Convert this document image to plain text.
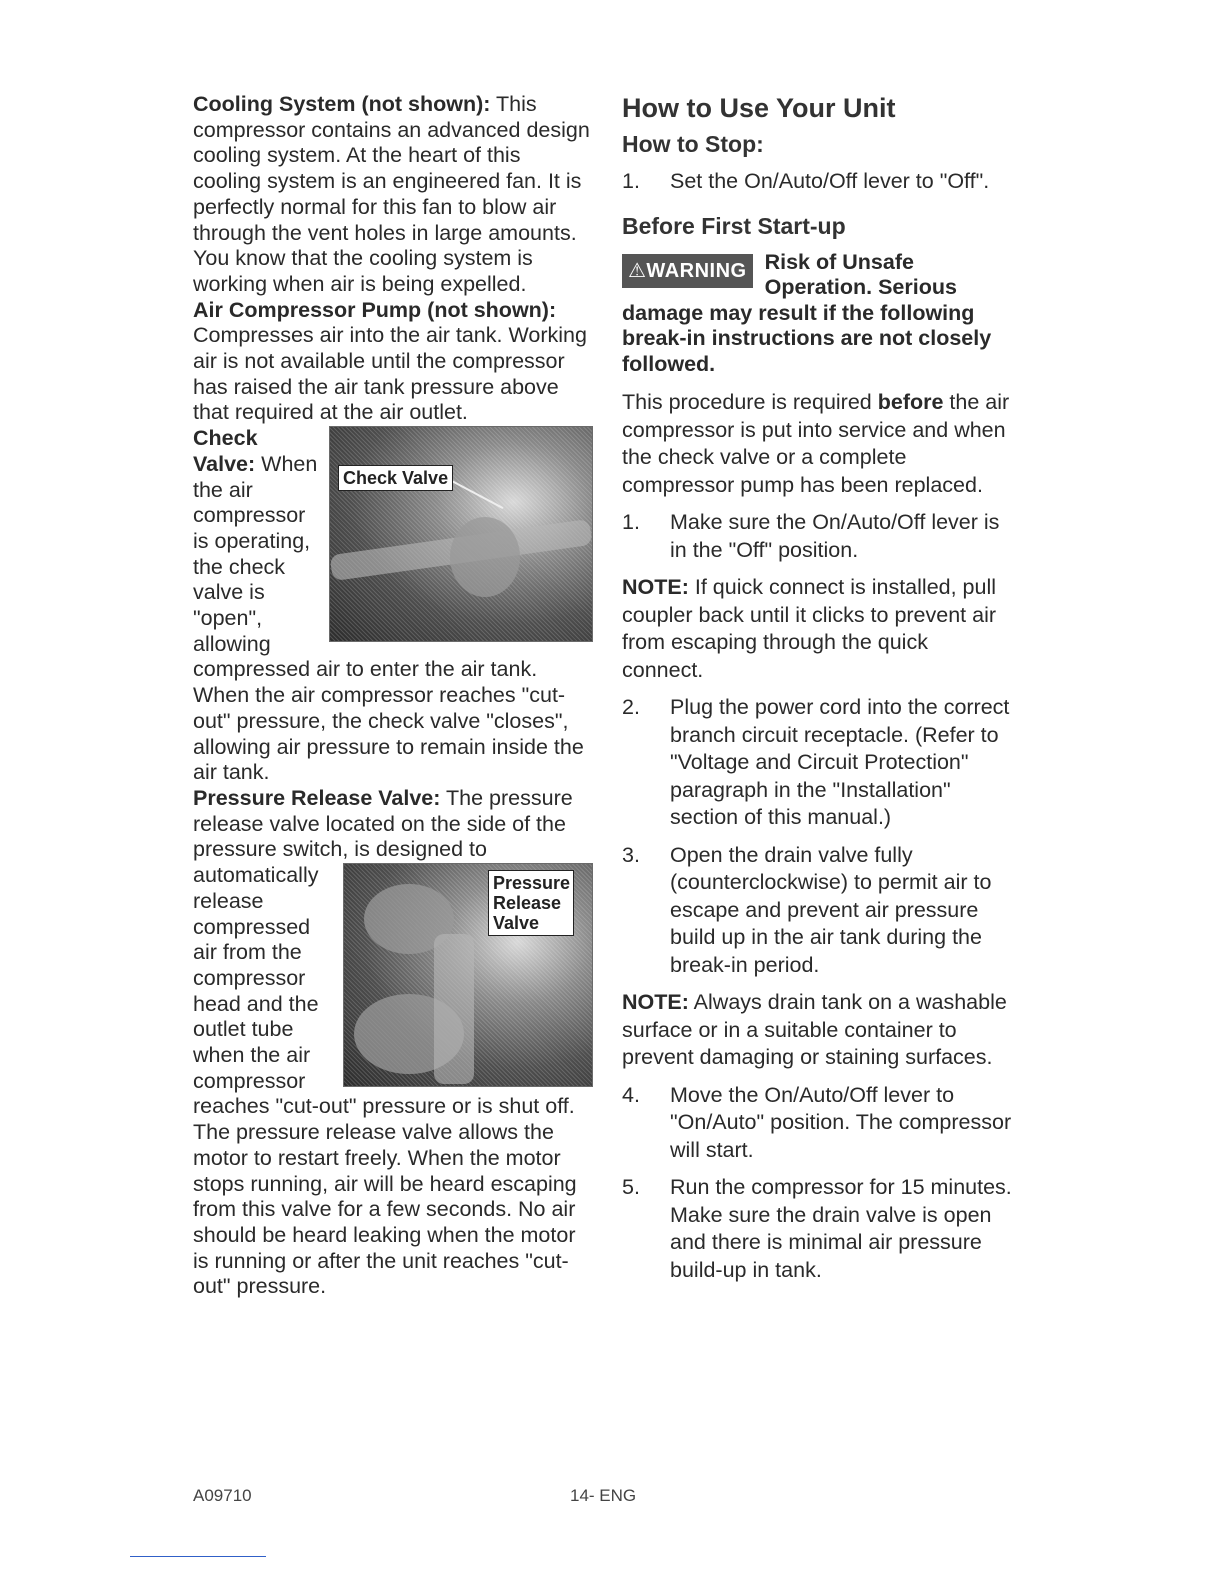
Cooling System (not shown): This compressor contains an advanced design cooling system. At the heart of this cooling system is an engineered fan. It is perfectly normal for this fan to blow air through the vent holes in large amounts. You know that the cooling system is working when air is being expelled.

Air Compressor Pump (not shown): Compresses air into the air tank. Working air is not available until the compressor has raised the air tank pressure above that required at the air outlet.

Check Valve

Check Valve: When the air compressor is operating, the check valve is "open", allowing compressed air to enter the air tank. When the air compressor reaches "cut-out" pressure, the check valve "closes", allowing air pressure to remain inside the air tank.

Pressure Release Valve: The pressure release valve located on the side of the pressure switch, is
Pressure Release Valve
designed to automatically release compressed air from the compressor head and the outlet tube when the air compressor reaches "cut-out" pressure or is shut off. The pressure release valve allows the motor to restart freely. When the motor stops running, air will be heard escaping from this valve for a few seconds. No air should be heard leaking when the motor is running or after the unit reaches "cut-out" pressure.

How to Use Your Unit
How to Stop:
1. Set the On/Auto/Off lever to "Off".
Before First Start-up
⚠WARNING Risk of Unsafe Operation. Serious damage may result if the following break-in instructions are not closely followed.

This procedure is required before the air compressor is put into service and when the check valve or a complete compressor pump has been replaced.

1. Make sure the On/Auto/Off lever is in the "Off" position.

NOTE: If quick connect is installed, pull coupler back until it clicks to prevent air from escaping through the quick connect.

2. Plug the power cord into the correct branch circuit receptacle. (Refer to "Voltage and Circuit Protection" paragraph in the "Installation" section of this manual.)
3. Open the drain valve fully (counterclockwise) to permit air to escape and prevent air pressure build up in the air tank during the break-in period.

NOTE: Always drain tank on a washable surface or in a suitable container to prevent damaging or staining surfaces.

4. Move the On/Auto/Off lever to "On/Auto" position. The compressor will start.
5. Run the compressor for 15 minutes. Make sure the drain valve is open and there is minimal air pressure build-up in tank.
A09710	14- ENG
